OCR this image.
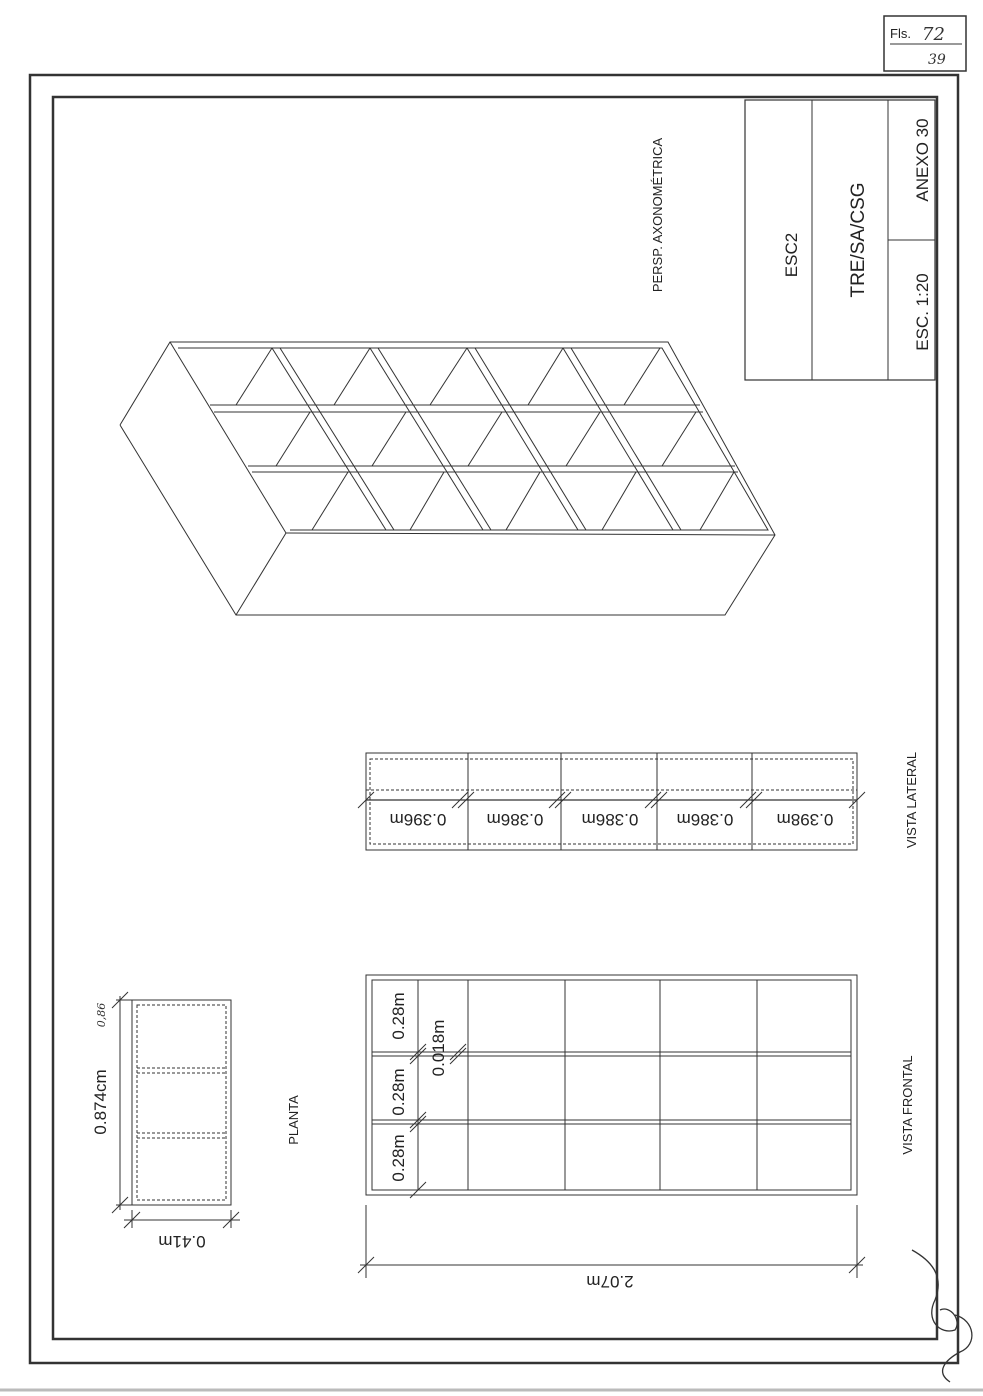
Fls. 72
39
ESC2 TRE/SA/CSG
ANEXO 30
ESC. 1:20
PERSP. AXONOMÉTRICA
0.396m 0.386m 0.386m 0.386m	0.398m	VISTA LATERAL
0.28m
0.28m
0.28m
0.018m
2.07m
VISTA FRONTAL
0.874cm
0,86
0.41m
PLANTA
